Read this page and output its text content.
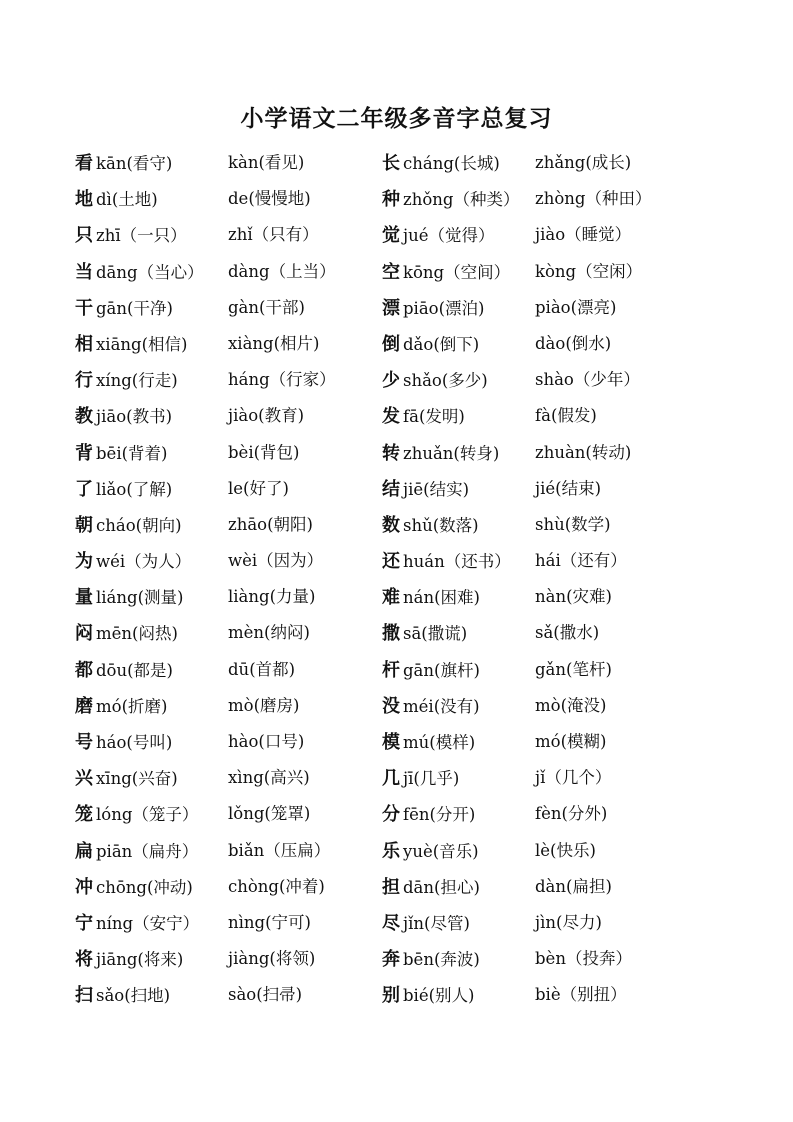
小学语文二年级多音字总复习
看 kān(看守)	kàn(看见)	长 cháng(长城) zhǎng(成长)
地 dì(土地)	de(慢慢地)	种 zhǒng（种类） zhòng（种田）
只 zhī（一只）	zhǐ（只有）	觉 jué（觉得） jiào（睡觉）
当 dāng（当心） dàng（上当）	空 kōng（空间） kòng（空闲）
干 gān(干净)	gàn(干部)	漂 piāo(漂泊)	piào(漂亮)
相 xiāng(相信) xiàng(相片)	倒 dǎo(倒下)	dào(倒水)
行 xíng(行走)	háng（行家）	少 shǎo(多少)	shào（少年）
教 jiāo(教书)	jiào(教育)	发 fā(发明)	fà(假发)
背 bēi(背着)	bèi(背包)	转 zhuǎn(转身) zhuàn(转动)
了 liǎo(了解)	le(好了)	结 jiē(结实)	jié(结束)
朝 cháo(朝向)	zhāo(朝阳)	数 shǔ(数落)	shù(数学)
为 wéi（为人） wèi（因为）	还 huán（还书） hái（还有）
量 liáng(测量)	liàng(力量)	难 nán(困难)	nàn(灾难)
闷 mēn(闷热)	mèn(纳闷)	撒 sā(撒谎)	sǎ(撒水)
都 dōu(都是)	dū(首都)	杆 gān(旗杆)	gǎn(笔杆)
磨 mó(折磨)	mò(磨房)	没 méi(没有)	mò(淹没)
号 háo(号叫)	hào(口号)	模 mú(模样)	mó(模糊)
兴 xīng(兴奋)	xìng(高兴)	几 jī(几乎)	jǐ（几个）
笼 lóng（笼子） lǒng(笼罩)	分 fēn(分开)	fèn(分外)
扁 piān（扁舟） biǎn（压扁）	乐 yuè(音乐)	lè(快乐)
冲 chōng(冲动) chòng(冲着)	担 dān(担心)	dàn(扁担)
宁 níng（安宁） nìng(宁可)	尽 jǐn(尽管)	jìn(尽力)
将 jiāng(将来)	jiàng(将领)	奔 bēn(奔波)	bèn（投奔）
扫 sǎo(扫地)	sào(扫帚)	别 bié(别人)	biè（别扭）
